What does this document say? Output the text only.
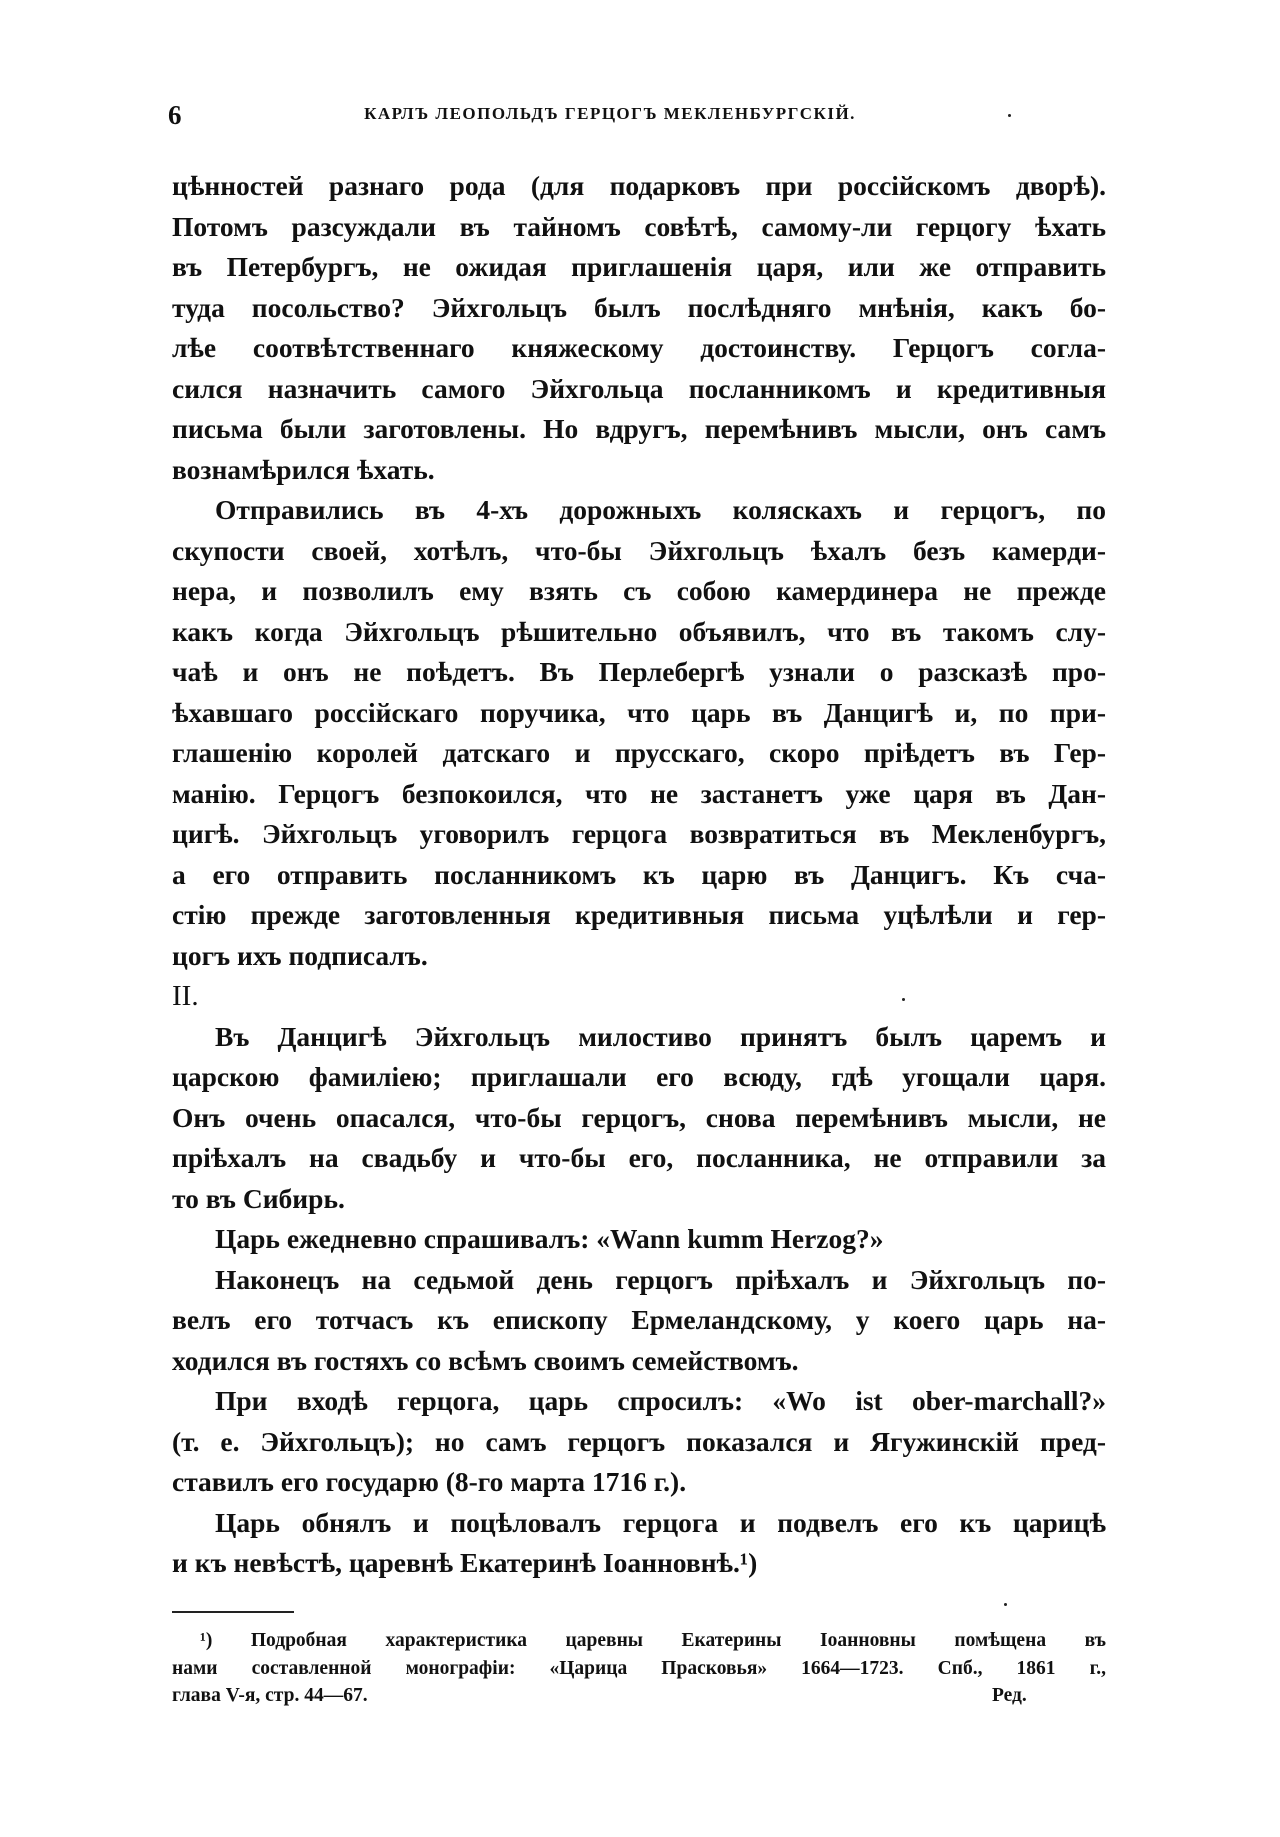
6	КАРЛЪ ЛЕОПОЛЬДЪ ГЕРЦОГЪ МЕКЛЕНБУРГСКІЙ.
цѣнностей разнаго рода (для подарковъ при россійскомъ дворѣ).
Потомъ разсуждали въ тайномъ совѣтѣ, самому-ли герцогу ѣхать
въ Петербургъ, не ожидая приглашенія царя, или же отправить
туда посольство? Эйхгольцъ былъ послѣдняго мнѣнія, какъ бо-
лѣе соотвѣтственнаго княжескому достоинству. Герцогъ согла-
сился назначить самого Эйхгольца посланникомъ и кредитивныя
письма были заготовлены. Но вдругъ, перемѣнивъ мысли, онъ самъ
вознамѣрился ѣхать.
Отправились въ 4-хъ дорожныхъ коляскахъ и герцогъ, по
скупости своей, хотѣлъ, что-бы Эйхгольцъ ѣхалъ безъ камерди-
нера, и позволилъ ему взять съ собою камердинера не прежде
какъ когда Эйхгольцъ рѣшительно объявилъ, что въ такомъ слу-
чаѣ и онъ не поѣдетъ. Въ Перлебергѣ узнали о разсказѣ про-
ѣхавшаго россійскаго поручика, что царь въ Данцигѣ и, по при-
глашенію королей датскаго и прусскаго, скоро пріѣдетъ въ Гер-
манію. Герцогъ безпокоился, что не застанетъ уже царя въ Дан-
цигѣ. Эйхгольцъ уговорилъ герцога возвратиться въ Мекленбургъ,
а его отправить посланникомъ къ царю въ Данцигъ. Къ сча-
стію прежде заготовленныя кредитивныя письма уцѣлѣли и гер-
цогъ ихъ подписалъ.
II.
Въ Данцигѣ Эйхгольцъ милостиво принятъ былъ царемъ и
царскою фамиліею; приглашали его всюду, гдѣ угощали царя.
Онъ очень опасался, что-бы герцогъ, снова перемѣнивъ мысли, не
пріѣхалъ на свадьбу и что-бы его, посланника, не отправили за
то въ Сибирь.
Царь ежедневно спрашивалъ: «Wann kumm Herzog?»
Наконецъ на седьмой день герцогъ пріѣхалъ и Эйхгольцъ по-
велъ его тотчасъ къ епископу Ермеландскому, у коего царь на-
ходился въ гостяхъ со всѣмъ своимъ семействомъ.
При входѣ герцога, царь спросилъ: «Wo ist ober-marchall?»
(т. е. Эйхгольцъ); но самъ герцогъ показался и Ягужинскій пред-
ставилъ его государю (8-го марта 1716 г.).
Царь обнялъ и поцѣловалъ герцога и подвелъ его къ царицѣ
и къ невѣстѣ, царевнѣ Екатеринѣ Іоанновнѣ.¹)
¹) Подробная характеристика царевны Екатерины Іоанновны помѣщена въ
нами составленной монографіи: «Царица Прасковья» 1664—1723. Спб., 1861 г.,
глава V-я, стр. 44—67.	Ред.
